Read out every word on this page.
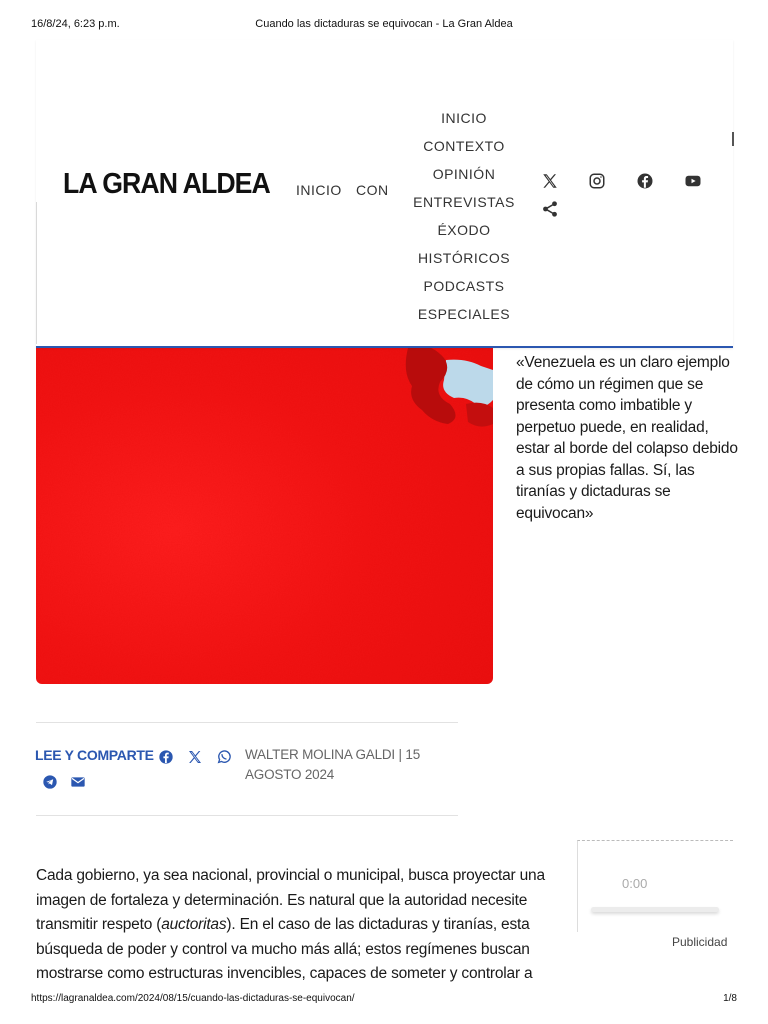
16/8/24, 6:23 p.m.	Cuando las dictaduras se equivocan - La Gran Aldea
LA GRAN ALDEA INICIO CON
INICIO
CONTEXTO
OPINIÓN
ENTREVISTAS
ÉXODO
HISTÓRICOS
PODCASTS
ESPECIALES
«Venezuela es un claro ejemplo de cómo un régimen que se presenta como imbatible y perpetuo puede, en realidad, estar al borde del colapso debido a sus propias fallas. Sí, las tiranías y dictaduras se equivocan»
LEE Y COMPARTE	WALTER MOLINA GALDI | 15 AGOSTO 2024
Cada gobierno, ya sea nacional, provincial o municipal, busca proyectar una imagen de fortaleza y determinación. Es natural que la autoridad necesite transmitir respeto (auctoritas). En el caso de las dictaduras y tiranías, esta búsqueda de poder y control va mucho más allá; estos regímenes buscan mostrarse como estructuras invencibles, capaces de someter y controlar a
0:00
Publicidad
https://lagranaldea.com/2024/08/15/cuando-las-dictaduras-se-equivocan/	1/8
